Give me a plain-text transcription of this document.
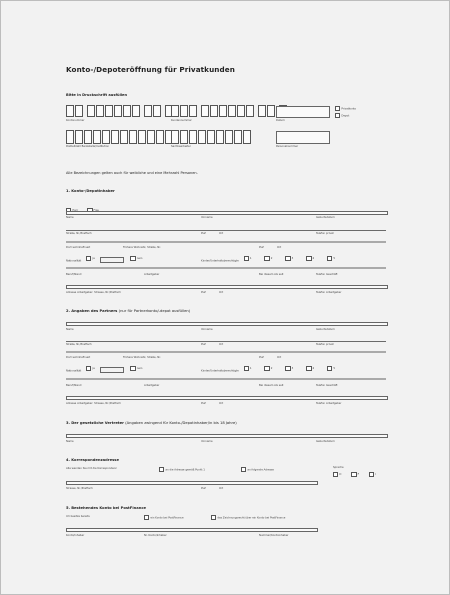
Konto-/Depoteröffnung für Privatkunden
Bitte in Druckschrift ausfüllen
Kontonummer	Kundennummer	Datum
Privatkonto
Depot
Postleitzahl Bankstelle/Institution	Sachbearbeiter	Personalnummer
Alle Bezeichnungen gelten auch für weibliche und eine Mehrzahl Personen.
1. Konto-/Depotinhaber

Name	Vorname	Geburtsdatum
Straße, Nr./Postfach	PLZ	Ort	Telefon privat
Dort wohnhaft seit	Frühere Wohnsitz, Straße, Nr.	PLZ	Ort
Nationalität
ja
	nein
Kinder/Unterhaltsberechtigte
1
	2
	3
	4
	5
Beruf/Stand	Arbeitgeber	Bei diesem AG seit	Telefon Geschäft
Adresse Arbeitgeber: Strasse, Nr./Postfach	PLZ	Ort	Telefon Arbeitgeber
2. Angaben des Partners (nur für Partnerkonto/-depot ausfüllen)
Name	Vorname	Geburtsdatum
Straße, Nr./Postfach	PLZ	Ort	Telefon privat
Dort wohnhaft seit	Frühere Wohnsitz, Straße, Nr.	PLZ	Ort
Nationalität
ja
	nein
Kinder/Unterhaltsberechtigte
1
	2
	3
	4
	5
Beruf/Stand	Arbeitgeber	Bei diesem AG seit	Telefon Geschäft
Adresse Arbeitgeber: Strasse, Nr./Postfach	PLZ	Ort	Telefon Arbeitgeber
3. Der gesetzliche Vertreter (Angaben zwingend für Konto-/Depotinhaber/in bis 18 Jahre)
Name	Vorname	Geburtsdatum
4. Korrespondenzadresse
Alle wenden Sie mit die Korrespondenz
an die Adresse gemäß Punkt 1	an folgende Adresse
Sprache
D
	F
	I
Strasse, Nr./Postfach	PLZ	Ort
5. Bestehendes Konto bei PostFinance
Ich besitze bereits
ein Konto bei PostFinance	das Zeichnungsrecht über ein Konto bei PostFinance
Konto/Inhaber	Nr. Konto/Inhaber	Nummer/Kontoinhaber
